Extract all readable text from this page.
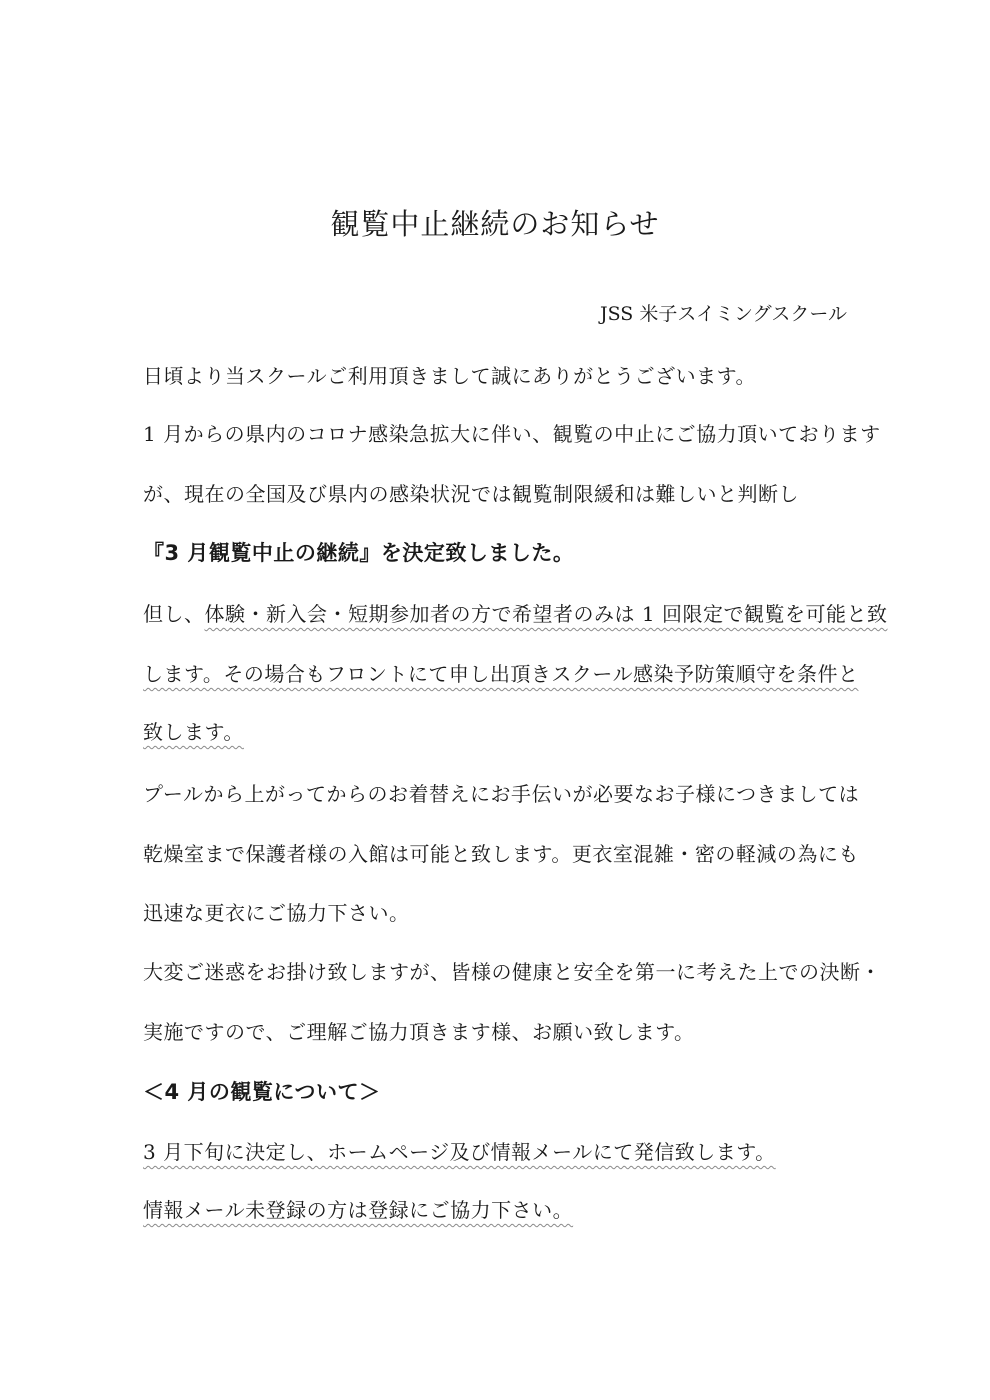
観覧中止継続のお知らせ
JSS 米子スイミングスクール
日頃より当スクールご利用頂きまして誠にありがとうございます。
1 月からの県内のコロナ感染急拡大に伴い、観覧の中止にご協力頂いております
が、現在の全国及び県内の感染状況では観覧制限緩和は難しいと判断し
『3 月観覧中止の継続』を決定致しました。
但し、体験・新入会・短期参加者の方で希望者のみは 1 回限定で観覧を可能と致
します。その場合もフロントにて申し出頂きスクール感染予防策順守を条件と
致します。
プールから上がってからのお着替えにお手伝いが必要なお子様につきましては
乾燥室まで保護者様の入館は可能と致します。更衣室混雑・密の軽減の為にも
迅速な更衣にご協力下さい。
大変ご迷惑をお掛け致しますが、皆様の健康と安全を第一に考えた上での決断・
実施ですので、ご理解ご協力頂きます様、お願い致します。
＜4 月の観覧について＞
3 月下旬に決定し、ホームページ及び情報メールにて発信致します。
情報メール未登録の方は登録にご協力下さい。
